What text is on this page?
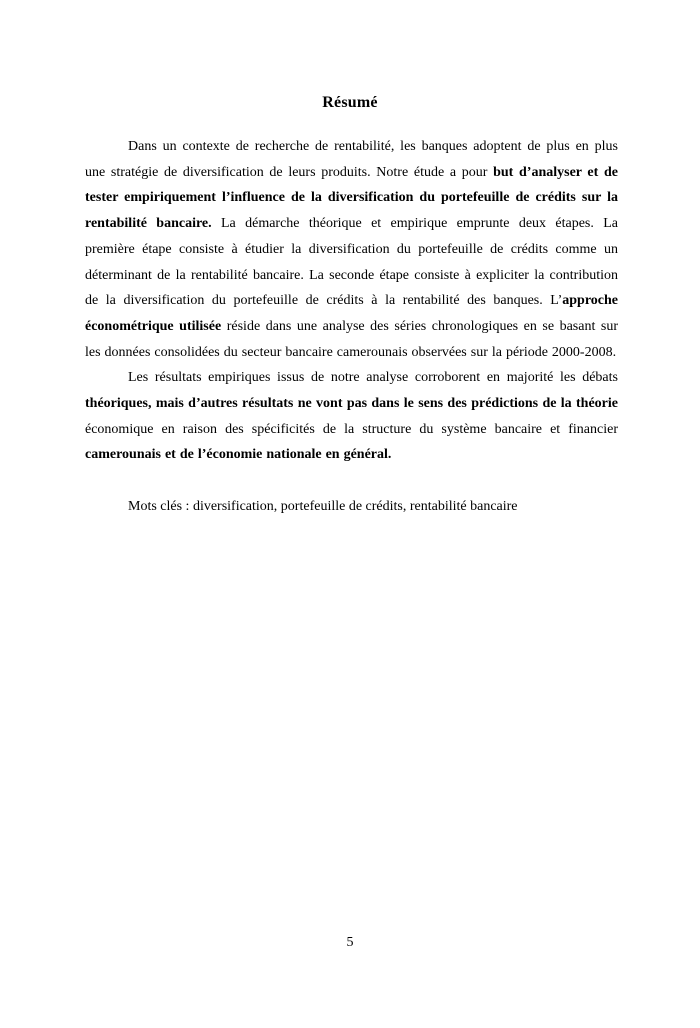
Résumé

Dans un contexte de recherche de rentabilité, les banques adoptent de plus en plus une stratégie de diversification de leurs produits. Notre étude a pour but d’analyser et de tester empiriquement l’influence de la diversification du portefeuille de crédits sur la rentabilité bancaire. La démarche théorique et empirique emprunte deux étapes. La première étape consiste à étudier la diversification du portefeuille de crédits comme un déterminant de la rentabilité bancaire. La seconde étape consiste à expliciter la contribution de la diversification du portefeuille de crédits à la rentabilité des banques. L’approche économétrique utilisée réside dans une analyse des séries chronologiques en se basant sur les données consolidées du secteur bancaire camerounais observées sur la période 2000-2008.

Les résultats empiriques issus de notre analyse corroborent en majorité les débats théoriques, mais d’autres résultats ne vont pas dans le sens des prédictions de la théorie économique en raison des spécificités de la structure du système bancaire et financier camerounais et de l’économie nationale en général.

Mots clés : diversification, portefeuille de crédits, rentabilité bancaire

5
